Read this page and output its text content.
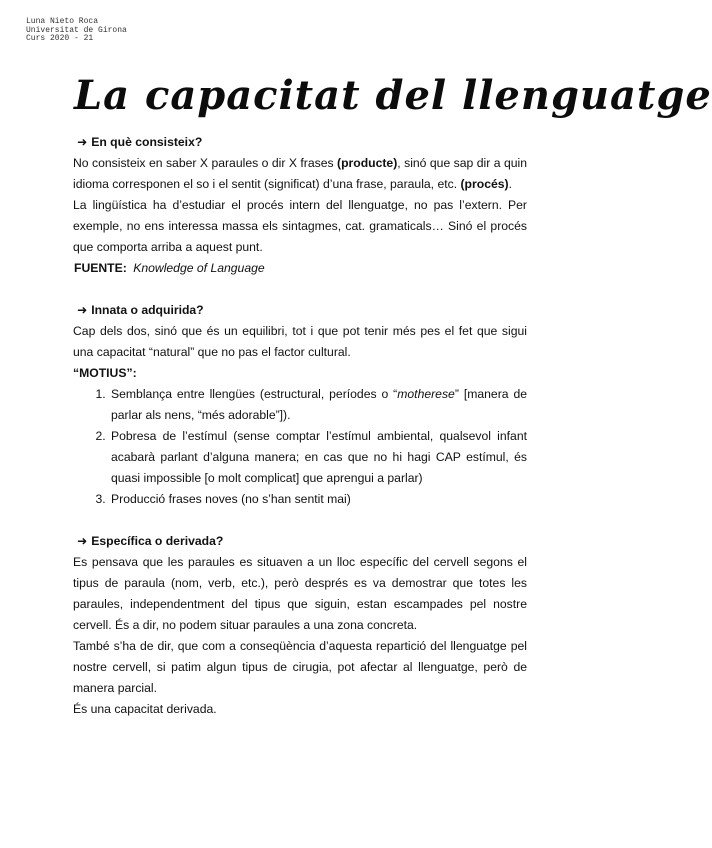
Luna Nieto Roca
Universitat de Girona
Curs 2020 - 21
La capacitat del llenguatge
➜ En què consisteix?

No consisteix en saber X paraules o dir X frases (producte), sinó que sap dir a quin idioma corresponen el so i el sentit (significat) d’una frase, paraula, etc. (procés).

La lingüística ha d’estudiar el procés intern del llenguatge, no pas l’extern. Per exemple, no ens interessa massa els sintagmes, cat. gramaticals… Sinó el procés que comporta arriba a aquest punt.

FUENTE: Knowledge of Language
➜ Innata o adquirida?

Cap dels dos, sinó que és un equilibri, tot i que pot tenir més pes el fet que sigui una capacitat “natural” que no pas el factor cultural.

“MOTIUS”:
1. Semblança entre llengües (estructural, períodes o “motherese” [manera de parlar als nens, “més adorable”]).
2. Pobresa de l’estímul (sense comptar l’estímul ambiental, qualsevol infant acabarà parlant d’alguna manera; en cas que no hi hagi CAP estímul, és quasi impossible [o molt complicat] que aprengui a parlar)
3. Producció frases noves (no s’han sentit mai)
➜ Específica o derivada?

Es pensava que les paraules es situaven a un lloc específic del cervell segons el tipus de paraula (nom, verb, etc.), però després es va demostrar que totes les paraules, independentment del tipus que siguin, estan escampades pel nostre cervell. És a dir, no podem situar paraules a una zona concreta.

També s’ha de dir, que com a conseqüència d’aquesta repartició del llenguatge pel nostre cervell, si patim algun tipus de cirugia, pot afectar al llenguatge, però de manera parcial.

És una capacitat derivada.
